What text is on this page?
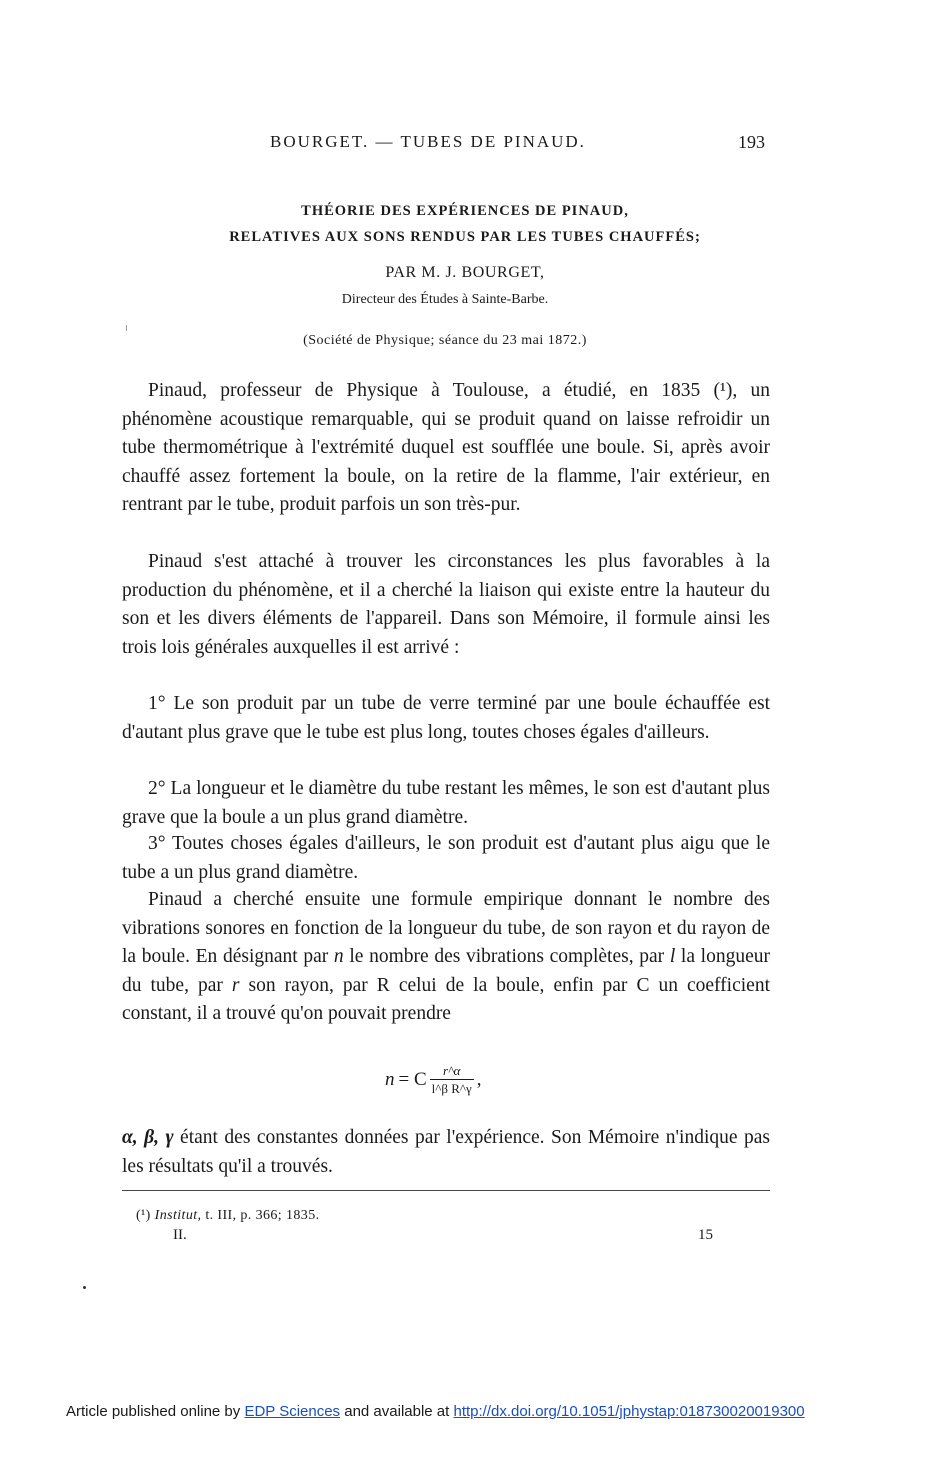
BOURGET. — TUBES DE PINAUD.	193
THÉORIE DES EXPÉRIENCES DE PINAUD,
RELATIVES AUX SONS RENDUS PAR LES TUBES CHAUFFÉS;
PAR M. J. BOURGET,
Directeur des Études à Sainte-Barbe.
(Société de Physique; séance du 23 mai 1872.)

Pinaud, professeur de Physique à Toulouse, a étudié, en 1835 (¹), un phénomène acoustique remarquable, qui se produit quand on laisse refroidir un tube thermométrique à l'extrémité duquel est soufflée une boule. Si, après avoir chauffé assez fortement la boule, on la retire de la flamme, l'air extérieur, en rentrant par le tube, produit parfois un son très-pur.

Pinaud s'est attaché à trouver les circonstances les plus favorables à la production du phénomène, et il a cherché la liaison qui existe entre la hauteur du son et les divers éléments de l'appareil. Dans son Mémoire, il formule ainsi les trois lois générales auxquelles il est arrivé :

1° Le son produit par un tube de verre terminé par une boule échauffée est d'autant plus grave que le tube est plus long, toutes choses égales d'ailleurs.

2° La longueur et le diamètre du tube restant les mêmes, le son est d'autant plus grave que la boule a un plus grand diamètre.

3° Toutes choses égales d'ailleurs, le son produit est d'autant plus aigu que le tube a un plus grand diamètre.

Pinaud a cherché ensuite une formule empirique donnant le nombre des vibrations sonores en fonction de la longueur du tube, de son rayon et du rayon de la boule. En désignant par n le nombre des vibrations complètes, par l la longueur du tube, par r son rayon, par R celui de la boule, enfin par C un coefficient constant, il a trouvé qu'on pouvait prendre

n = C $\frac{r\^{}\alpha}{\text{l\textasciicircum{}β R\textasciicircum{}γ}}$ ,

α, β, γ étant des constantes données par l'expérience. Son Mémoire n'indique pas les résultats qu'il a trouvés.

(¹) Institut, t. III, p. 366; 1835.
II.	15
Article published online by EDP Sciences and available at http://dx.doi.org/10.1051/jphystap:018730020019300
